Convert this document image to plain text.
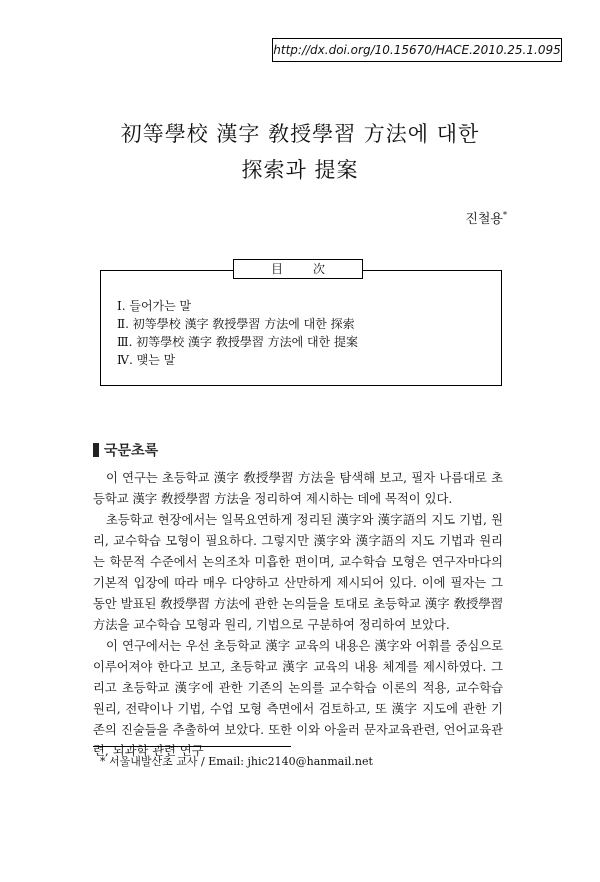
http://dx.doi.org/10.15670/HACE.2010.25.1.095
初等學校 漢字 敎授學習 方法에 대한
探索과 提案
진철용*
目次
Ⅰ. 들어가는 말
Ⅱ. 初等學校 漢字 敎授學習 方法에 대한 探索
Ⅲ. 初等學校 漢字 敎授學習 方法에 대한 提案
Ⅳ. 맺는 말
국문초록

이 연구는 초등학교 漢字 敎授學習 方法을 탐색해 보고, 필자 나름대로 초등학교 漢字 敎授學習 方法을 정리하여 제시하는 데에 목적이 있다.

초등학교 현장에서는 일목요연하게 정리된 漢字와 漢字語의 지도 기법, 원리, 교수학습 모형이 필요하다. 그렇지만 漢字와 漢字語의 지도 기법과 원리는 학문적 수준에서 논의조차 미흡한 편이며, 교수학습 모형은 연구자마다의 기본적 입장에 따라 매우 다양하고 산만하게 제시되어 있다. 이에 필자는 그동안 발표된 敎授學習 方法에 관한 논의들을 토대로 초등학교 漢字 敎授學習 方法을 교수학습 모형과 원리, 기법으로 구분하여 정리하여 보았다.

이 연구에서는 우선 초등학교 漢字 교육의 내용은 漢字와 어휘를 중심으로 이루어져야 한다고 보고, 초등학교 漢字 교육의 내용 체계를 제시하였다. 그리고 초등학교 漢字에 관한 기존의 논의를 교수학습 이론의 적용, 교수학습 원리, 전략이나 기법, 수업 모형 측면에서 검토하고, 또 漢字 지도에 관한 기존의 진술들을 추출하여 보았다. 또한 이와 아울러 문자교육관련, 언어교육관련, 뇌과학 관련 연구

* 서울내발산초 교사 / Email: jhic2140@hanmail.net
